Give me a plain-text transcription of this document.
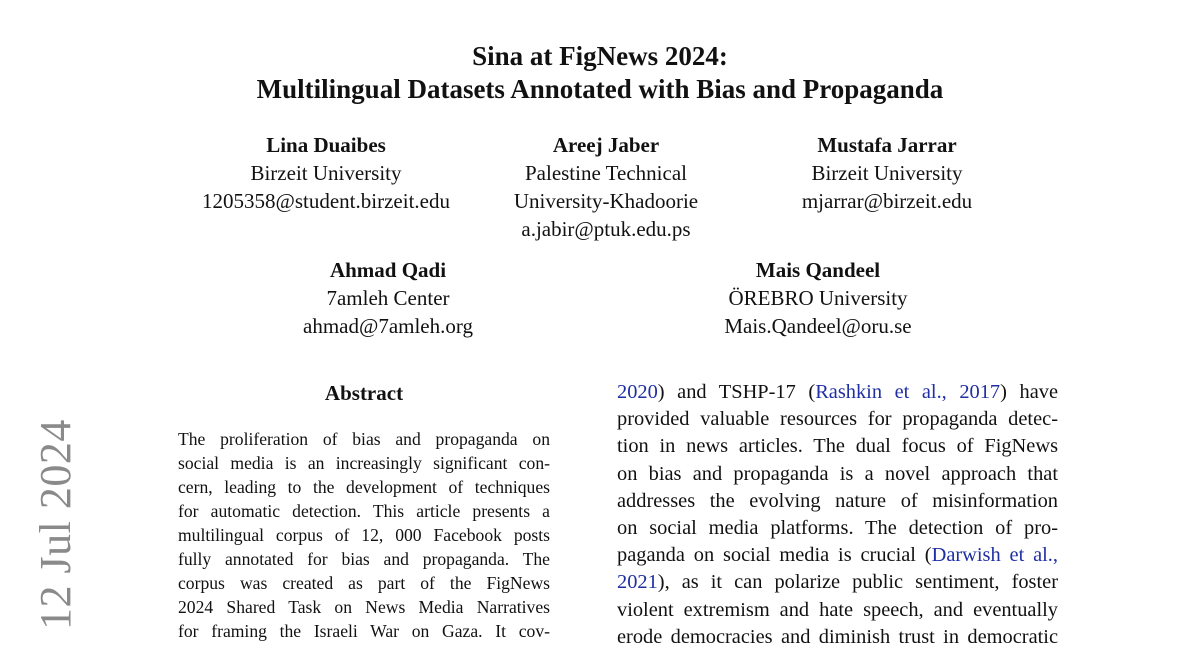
12 Jul 2024
Sina at FigNews 2024:
Multilingual Datasets Annotated with Bias and Propaganda
Lina Duaibes
Birzeit University
1205358@student.birzeit.edu
Areej Jaber
Palestine Technical
University-Khadoorie
a.jabir@ptuk.edu.ps
Mustafa Jarrar
Birzeit University
mjarrar@birzeit.edu
Ahmad Qadi
7amleh Center
ahmad@7amleh.org
Mais Qandeel
ÖREBRO University
Mais.Qandeel@oru.se
Abstract
The proliferation of bias and propaganda on
social media is an increasingly significant con-
cern, leading to the development of techniques
for automatic detection. This article presents a
multilingual corpus of 12, 000 Facebook posts
fully annotated for bias and propaganda. The
corpus was created as part of the FigNews
2024 Shared Task on News Media Narratives
for framing the Israeli War on Gaza. It cov-
2020) and TSHP-17 (Rashkin et al., 2017) have
provided valuable resources for propaganda detec-
tion in news articles. The dual focus of FigNews
on bias and propaganda is a novel approach that
addresses the evolving nature of misinformation
on social media platforms. The detection of pro-
paganda on social media is crucial (Darwish et al.,
2021), as it can polarize public sentiment, foster
violent extremism and hate speech, and eventually
erode democracies and diminish trust in democratic
